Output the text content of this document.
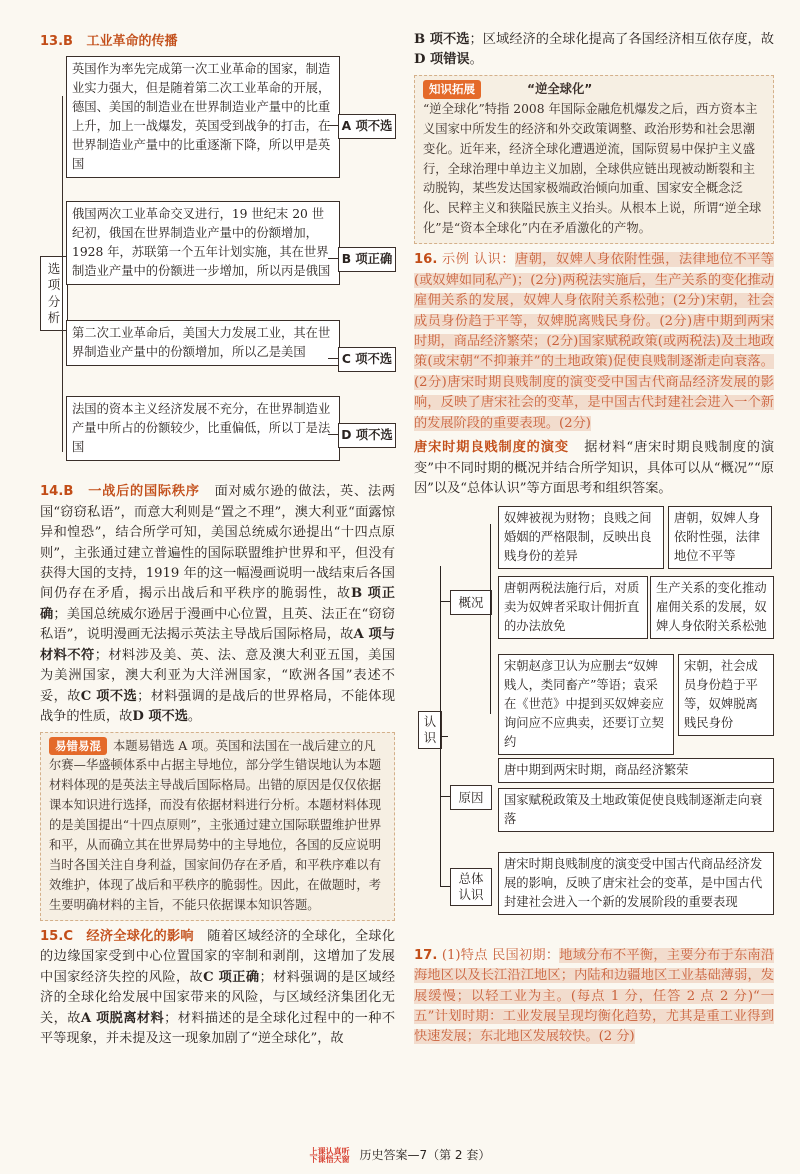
13.B 工业革命的传播
选项分析
英国作为率先完成第一次工业革命的国家，制造业实力强大，但是随着第二次工业革命的开展，德国、美国的制造业在世界制造业产量中的比重上升，加上一战爆发，英国受到战争的打击，在世界制造业产量中的比重逐渐下降，所以甲是英国
A 项不选
俄国两次工业革命交叉进行，19 世纪末 20 世纪初，俄国在世界制造业产量中的份额增加，1928 年，苏联第一个五年计划实施，其在世界制造业产量中的份额进一步增加，所以丙是俄国
B 项正确
第二次工业革命后，美国大力发展工业，其在世界制造业产量中的份额增加，所以乙是美国	C 项不选
法国的资本主义经济发展不充分，在世界制造业产量中所占的份额较少，比重偏低，所以丁是法国
D 项不选

14.B 一战后的国际秩序 面对威尔逊的做法，英、法两国“窃窃私语”，而意大利则是“置之不理”，澳大利亚“面露惊异和惶恐”，结合所学可知，美国总统威尔逊提出“十四点原则”，主张通过建立普遍性的国际联盟维护世界和平，但没有获得大国的支持，1919 年的这一幅漫画说明一战结束后各国间仍存在矛盾，揭示出战后和平秩序的脆弱性，故B 项正确；美国总统威尔逊居于漫画中心位置，且英、法正在“窃窃私语”，说明漫画无法揭示英法主导战后国际格局，故A 项与材料不符；材料涉及美、英、法、意及澳大利亚五国，美国为美洲国家，澳大利亚为大洋洲国家，“欧洲各国”表述不妥，故C 项不选；材料强调的是战后的世界格局，不能体现战争的性质，故D 项不选。

易错易混 本题易错选 A 项。英国和法国在一战后建立的凡尔赛—华盛顿体系中占据主导地位，部分学生错误地认为本题材料体现的是英法主导战后国际格局。出错的原因是仅仅依据课本知识进行选择，而没有依据材料进行分析。本题材料体现的是美国提出“十四点原则”，主张通过建立国际联盟维护世界和平，从而确立其在世界局势中的主导地位，各国的反应说明当时各国关注自身利益，国家间仍存在矛盾，和平秩序难以有效维护，体现了战后和平秩序的脆弱性。因此，在做题时，考生要明确材料的主旨，不能只依据课本知识答题。

15.C 经济全球化的影响 随着区域经济的全球化，全球化的边缘国家受到中心位置国家的宰制和剥削，这增加了发展中国家经济失控的风险，故C 项正确；材料强调的是区域经济的全球化给发展中国家带来的风险，与区域经济集团化无关，故A 项脱离材料；材料描述的是全球化过程中的一种不平等现象，并未提及这一现象加剧了“逆全球化”，故

B 项不选；区域经济的全球化提高了各国经济相互依存度，故D 项错误。

知识拓展	“逆全球化”
“逆全球化”特指 2008 年国际金融危机爆发之后，西方资本主义国家中所发生的经济和外交政策调整、政治形势和社会思潮变化。近年来，经济全球化遭遇逆流，国际贸易中保护主义盛行，全球治理中单边主义加剧，全球供应链出现被动断裂和主动脱钩，某些发达国家极端政治倾向加重、国家安全概念泛化、民粹主义和狭隘民族主义抬头。从根本上说，所谓“逆全球化”是“资本全球化”内在矛盾激化的产物。

16. 示例 认识：唐朝，奴婢人身依附性强，法律地位不平等(或奴婢如同私产)；(2分)两税法实施后，生产关系的变化推动雇佣关系的发展，奴婢人身依附关系松弛；(2分)宋朝，社会成员身份趋于平等，奴婢脱离贱民身份。(2分)唐中期到两宋时期，商品经济繁荣；(2分)国家赋税政策(或两税法)及土地政策(或宋朝“不抑兼并”的土地政策)促使良贱制逐渐走向衰落。(2分)唐宋时期良贱制度的演变受中国古代商品经济发展的影响，反映了唐宋社会的变革，是中国古代封建社会进入一个新的发展阶段的重要表现。(2分)

唐宋时期良贱制度的演变 据材料“唐宋时期良贱制度的演变”中不同时期的概况并结合所学知识，具体可以从“概况”“原因”以及“总体认识”等方面思考和组织答案。

认识
概况
奴婢被视为财物；良贱之间婚姻的严格限制，反映出良贱身份的差异
唐朝，奴婢人身依附性强，法律地位不平等
唐朝两税法施行后，对质卖为奴婢者采取计佣折直的办法放免
生产关系的变化推动雇佣关系的发展，奴婢人身依附关系松弛
宋朝赵彦卫认为应删去“奴婢贱人，类同畜产”等语；袁采在《世范》中提到买奴婢妾应询问应不应典卖，还要订立契约
宋朝，社会成员身份趋于平等，奴婢脱离贱民身份
原因
唐中期到两宋时期，商品经济繁荣
国家赋税政策及土地政策促使良贱制逐渐走向衰落
总体认识
唐宋时期良贱制度的演变受中国古代商品经济发展的影响，反映了唐宋社会的变革，是中国古代封建社会进入一个新的发展阶段的重要表现

17. (1)特点 民国初期：地域分布不平衡，主要分布于东南沿海地区以及长江沿江地区；内陆和边疆地区工业基础薄弱，发展缓慢；以轻工业为主。(每点 1 分，任答 2 点 2 分)“一五”计划时期：工业发展呈现均衡化趋势，尤其是重工业得到快速发展；东北地区发展较快。(2 分)

上课认真听
下课悟天窗 历史答案—7（第 2 套）
